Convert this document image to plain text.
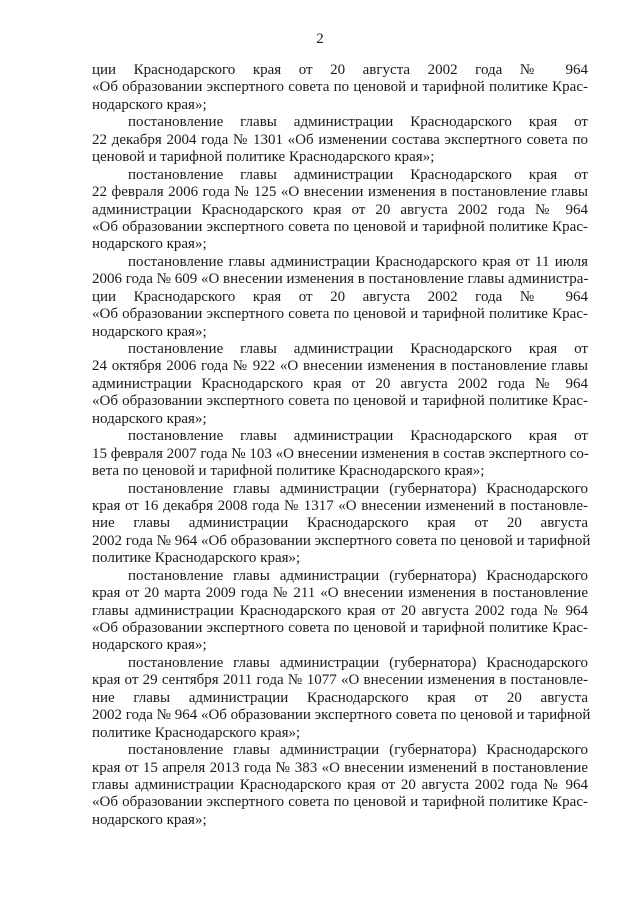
2
ции Краснодарского края от 20 августа 2002 года № 964
«Об образовании экспертного совета по ценовой и тарифной политике Крас-
нодарского края»;
постановление главы администрации Краснодарского края от
22 декабря 2004 года № 1301 «Об изменении состава экспертного совета по
ценовой и тарифной политике Краснодарского края»;
постановление главы администрации Краснодарского края от
22 февраля 2006 года № 125 «О внесении изменения в постановление главы
администрации Краснодарского края от 20 августа 2002 года № 964
«Об образовании экспертного совета по ценовой и тарифной политике Крас-
нодарского края»;
постановление главы администрации Краснодарского края от 11 июля
2006 года № 609 «О внесении изменения в постановление главы администра-
ции Краснодарского края от 20 августа 2002 года № 964
«Об образовании экспертного совета по ценовой и тарифной политике Крас-
нодарского края»;
постановление главы администрации Краснодарского края от
24 октября 2006 года № 922 «О внесении изменения в постановление главы
администрации Краснодарского края от 20 августа 2002 года № 964
«Об образовании экспертного совета по ценовой и тарифной политике Крас-
нодарского края»;
постановление главы администрации Краснодарского края от
15 февраля 2007 года № 103 «О внесении изменения в состав экспертного со-
вета по ценовой и тарифной политике Краснодарского края»;
постановление главы администрации (губернатора) Краснодарского
края от 16 декабря 2008 года № 1317 «О внесении изменений в постановле-
ние главы администрации Краснодарского края от 20 августа
2002 года № 964 «Об образовании экспертного совета по ценовой и тарифной
политике Краснодарского края»;
постановление главы администрации (губернатора) Краснодарского
края от 20 марта 2009 года № 211 «О внесении изменения в постановление
главы администрации Краснодарского края от 20 августа 2002 года № 964
«Об образовании экспертного совета по ценовой и тарифной политике Крас-
нодарского края»;
постановление главы администрации (губернатора) Краснодарского
края от 29 сентября 2011 года № 1077 «О внесении изменения в постановле-
ние главы администрации Краснодарского края от 20 августа
2002 года № 964 «Об образовании экспертного совета по ценовой и тарифной
политике Краснодарского края»;
постановление главы администрации (губернатора) Краснодарского
края от 15 апреля 2013 года № 383 «О внесении изменений в постановление
главы администрации Краснодарского края от 20 августа 2002 года № 964
«Об образовании экспертного совета по ценовой и тарифной политике Крас-
нодарского края»;
